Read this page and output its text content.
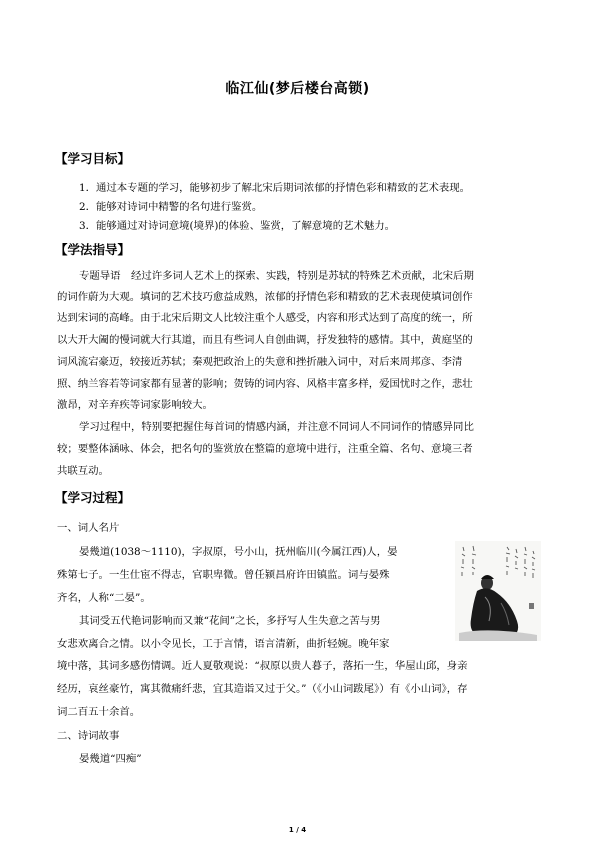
临江仙(梦后楼台高锁)
【学习目标】
1．通过本专题的学习，能够初步了解北宋后期词浓郁的抒情色彩和精致的艺术表现。
2．能够对诗词中精警的名句进行鉴赏。
3．能够通过对诗词意境(境界)的体验、鉴赏，了解意境的艺术魅力。
【学法指导】
专题导语　经过许多词人艺术上的探索、实践，特别是苏轼的特殊艺术贡献，北宋后期
的词作蔚为大观。填词的艺术技巧愈益成熟，浓郁的抒情色彩和精致的艺术表现使填词创作
达到宋词的高峰。由于北宋后期文人比较注重个人感受，内容和形式达到了高度的统一，所
以大开大阖的慢词就大行其道，而且有些词人自创曲调，抒发独特的感情。其中，黄庭坚的
词风流宕豪迈，较接近苏轼；秦观把政治上的失意和挫折融入词中，对后来周邦彦、李清
照、纳兰容若等词家都有显著的影响；贺铸的词内容、风格丰富多样，爱国忧时之作，悲壮
激昂，对辛弃疾等词家影响较大。
学习过程中，特别要把握住每首词的情感内涵，并注意不同词人不同词作的情感异同比
较；要整体涵咏、体会，把名句的鉴赏放在整篇的意境中进行，注重全篇、名句、意境三者
共联互动。
【学习过程】
一、词人名片
晏幾道(1038～1110)，字叔原，号小山，抚州临川(今属江西)人，晏
殊第七子。一生仕宦不得志，官职卑微。曾任颍昌府许田镇监。词与晏殊
齐名，人称“二晏”。
其词受五代艳词影响而又兼“花间”之长，多抒写人生失意之苦与男
女悲欢离合之情。以小令见长，工于言情，语言清新，曲折轻婉。晚年家
境中落，其词多感伤情调。近人夏敬观说：“叔原以贵人暮子，落拓一生，华屋山邱，身亲
经历，哀丝豪竹，寓其微痛纤悲，宜其造诣又过于父。”（《小山词跋尾》）有《小山词》，存
词二百五十余首。
二、诗词故事
晏幾道“四痴”
1 / 4
